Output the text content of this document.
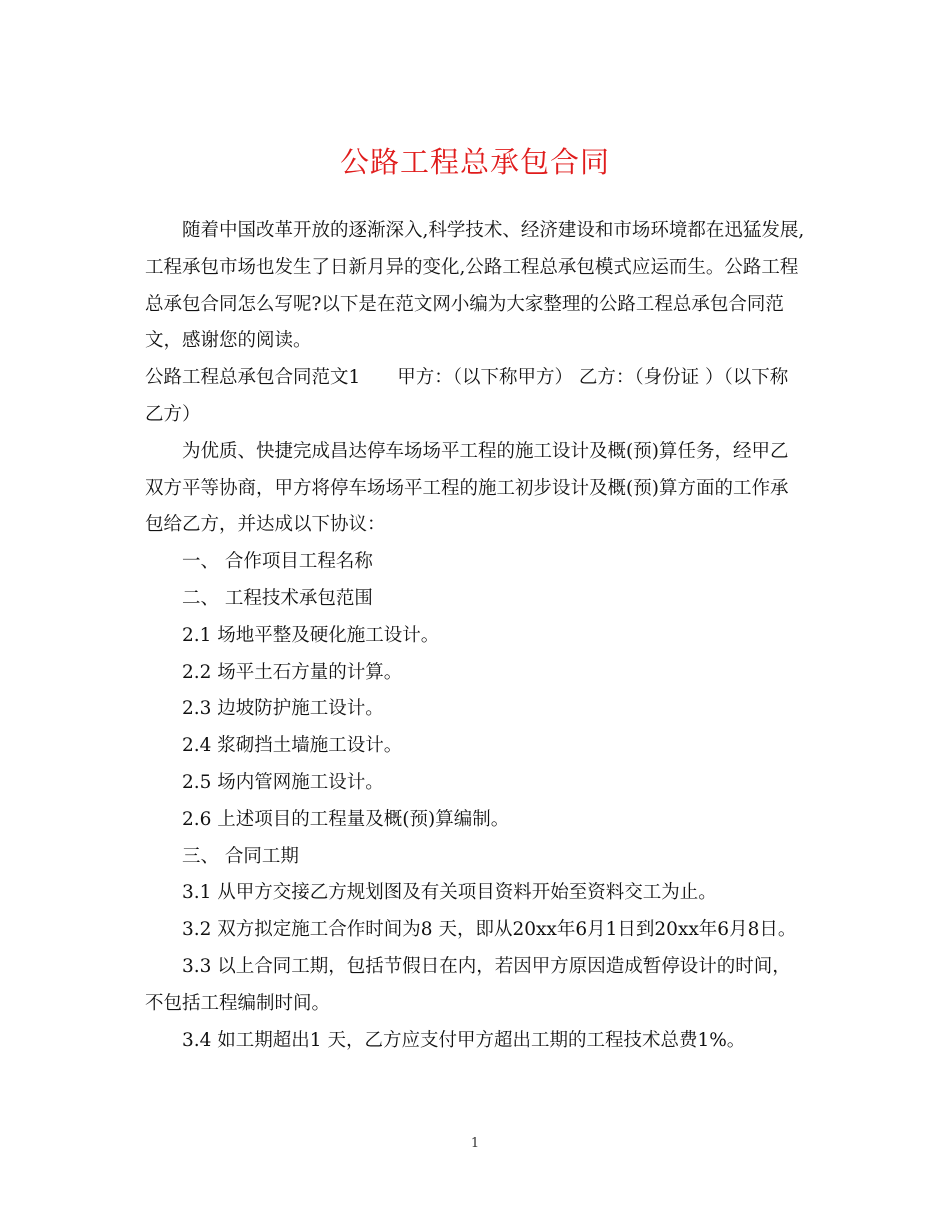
公路工程总承包合同

随着中国改革开放的逐渐深入,科学技术、经济建设和市场环境都在迅猛发展,工程承包市场也发生了日新月异的变化,公路工程总承包模式应运而生。公路工程总承包合同怎么写呢?以下是在范文网小编为大家整理的公路工程总承包合同范文，感谢您的阅读。

公路工程总承包合同范文1　　甲方：（以下称甲方） 乙方：（身份证 ）（以下称乙方）

为优质、快捷完成昌达停车场场平工程的施工设计及概(预)算任务，经甲乙双方平等协商，甲方将停车场场平工程的施工初步设计及概(预)算方面的工作承包给乙方，并达成以下协议：

一、 合作项目工程名称

二、 工程技术承包范围

2.1 场地平整及硬化施工设计。

2.2 场平土石方量的计算。

2.3 边坡防护施工设计。

2.4 浆砌挡土墙施工设计。

2.5 场内管网施工设计。

2.6 上述项目的工程量及概(预)算编制。

三、 合同工期

3.1 从甲方交接乙方规划图及有关项目资料开始至资料交工为止。

3.2 双方拟定施工合作时间为8 天，即从20xx年6月1日到20xx年6月8日。

3.3 以上合同工期，包括节假日在内，若因甲方原因造成暂停设计的时间，不包括工程编制时间。

3.4 如工期超出1 天，乙方应支付甲方超出工期的工程技术总费1%。

1
